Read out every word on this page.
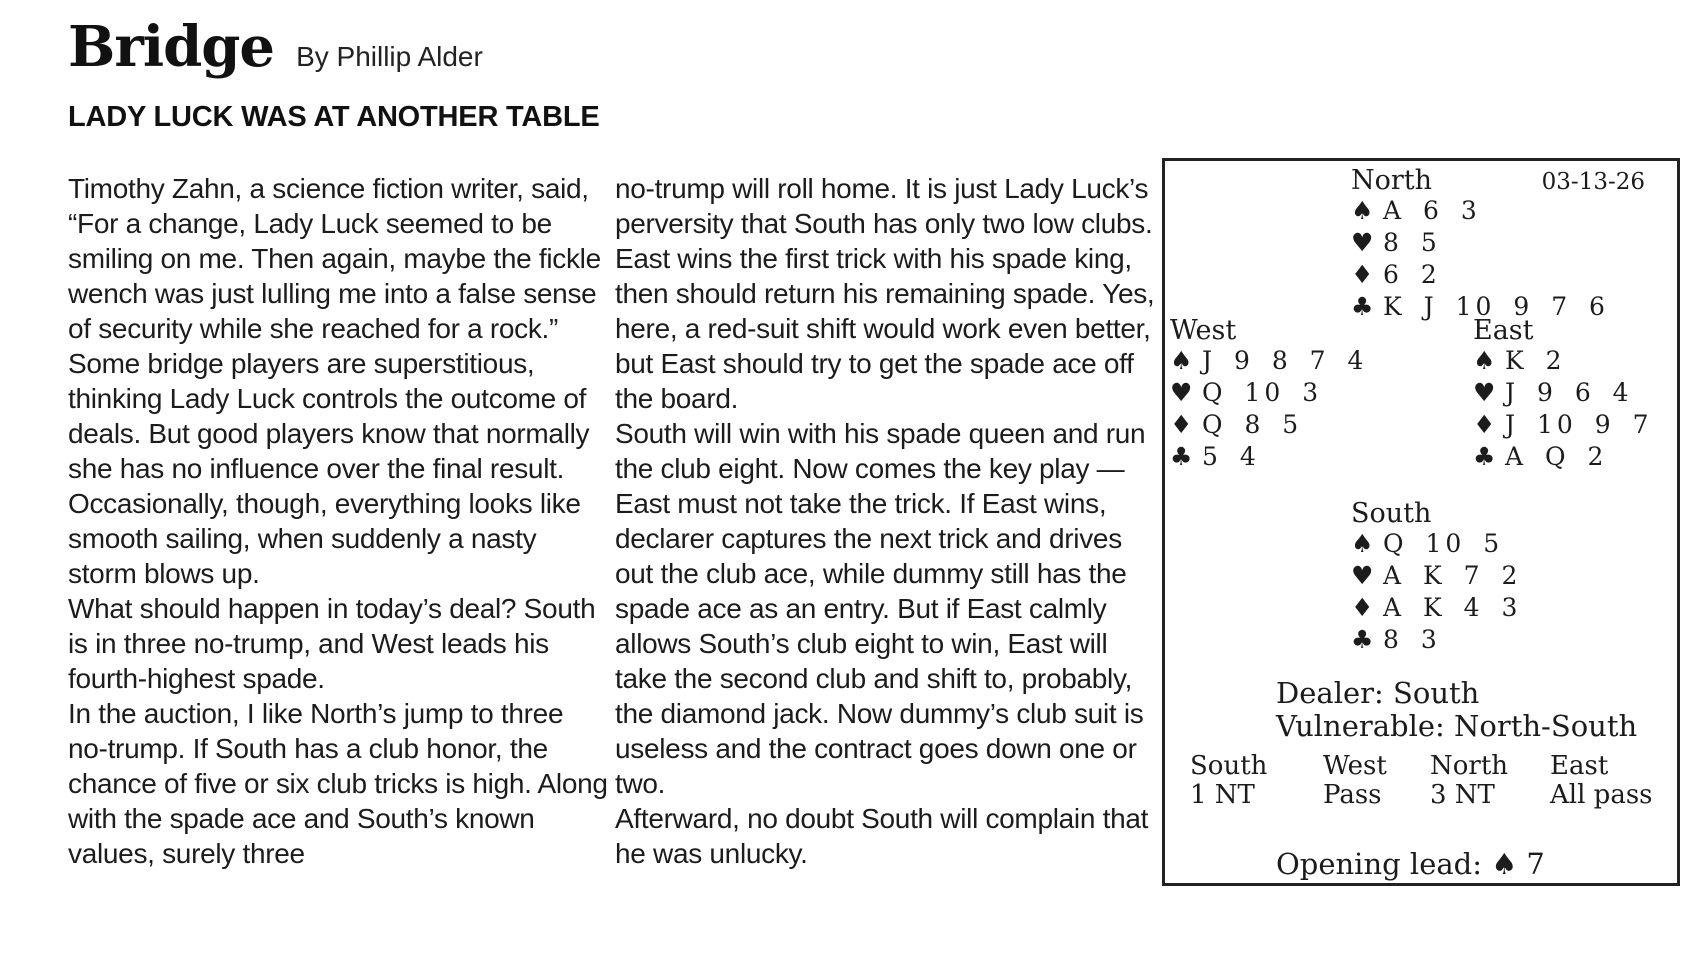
Bridge By Phillip Alder
LADY LUCK WAS AT ANOTHER TABLE

Timothy Zahn, a science fiction writer, said, “For a change, Lady Luck seemed to be smiling on me. Then again, maybe the fickle wench was just lulling me into a false sense of security while she reached for a rock.”

Some bridge players are superstitious, thinking Lady Luck controls the outcome of deals. But good players know that normally she has no influence over the final result.

Occasionally, though, everything looks like smooth sailing, when suddenly a nasty storm blows up.

What should happen in today’s deal? South is in three no-trump, and West leads his fourth-highest spade.

In the auction, I like North’s jump to three no-trump. If South has a club honor, the chance of five or six club tricks is high. Along with the spade ace and South’s known values, surely three

no-trump will roll home. It is just Lady Luck’s perversity that South has only two low clubs.

East wins the first trick with his spade king, then should return his remaining spade. Yes, here, a red-suit shift would work even better, but East should try to get the spade ace off the board.

South will win with his spade queen and run the club eight. Now comes the key play — East must not take the trick. If East wins, declarer captures the next trick and drives out the club ace, while dummy still has the spade ace as an entry. But if East calmly allows South’s club eight to win, East will take the second club and shift to, probably, the diamond jack. Now dummy’s club suit is useless and the contract goes down one or two.

Afterward, no doubt South will complain that he was unlucky.

03-13-26
North
♠ A 6 3
♥ 8 5
♦ 6 2
♣ K J 10 9 7 6
West
♠ J 9 8 7 4
♥ Q 10 3
♦ Q 8 5
♣ 5 4
East
♠ K 2
♥ J 9 6 4
♦ J 10 9 7
♣ A Q 2
South
♠ Q 10 5
♥ A K 7 2
♦ A K 4 3
♣ 8 3
Dealer: South
Vulnerable: North-South
South
1 NT
West
Pass
North
3 NT
East
All pass
Opening lead: ♠ 7
